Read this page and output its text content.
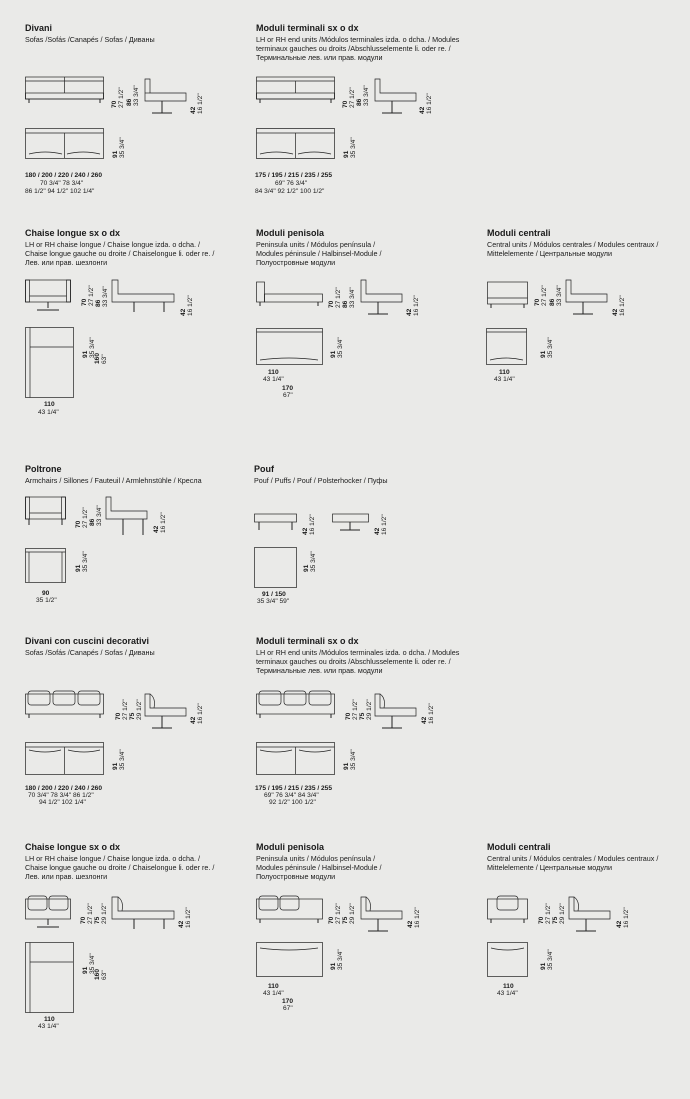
Divani
Sofas /Sofás /Canapés / Sofas / Диваны
70 27 1/2" 86 33 3/4"
42 16 1/2"
91 35 3/4"
180 / 200 / 220 / 240 / 260
70 3/4" 78 3/4"
86 1/2" 94 1/2" 102 1/4"
Moduli terminali sx o dx
LH or RH end units /Módulos terminales izda. o dcha. / Modules
terminaux gauches ou droits /Abschlusselemente li. oder re. /
Терминальные лев. или прав. модули
70 27 1/2" 86 33 3/4"
42 16 1/2"
91 35 3/4"
175 / 195 / 215 / 235 / 255
69" 76 3/4"
84 3/4" 92 1/2" 100 1/2"
Chaise longue sx o dx
LH or RH chaise longue / Chaise longue izda. o dcha. /
Chaise longue gauche ou droite / Chaiselongue li. oder re. /
Лев. или прав. шезлонги
70 27 1/2" 86 33 3/4"
42 16 1/2"
91 35 3/4"
160 63"
110
43 1/4"
Moduli penisola
Peninsula units / Módulos península /
Modules péninsule / Halbinsel-Module /
Полуостровные модули
70 27 1/2" 86 33 3/4"
42 16 1/2"
91 35 3/4"
110
43 1/4"
170
67"
Moduli centrali
Central units / Módulos centrales / Modules centraux /
Mittelelemente / Центральные модули
70 27 1/2" 86 33 3/4"
42 16 1/2"
91 35 3/4"
110
43 1/4"
Poltrone
Armchairs / Sillones / Fauteuil / Armlehnstühle / Кресла
70 27 1/2" 86 33 3/4"
42 16 1/2"
91 35 3/4"
90
35 1/2"
Pouf
Pouf / Puffs / Pouf / Polsterhocker / Пуфы
42 16 1/2"	42 16 1/2"
91 35 3/4"
91 / 150
35 3/4" 59"
Divani con cuscini decorativi
Sofas /Sofás /Canapés / Sofas / Диваны
70 27 1/2" 75 29 1/2"
42 16 1/2"
91 35 3/4"
180 / 200 / 220 / 240 / 260
70 3/4" 78 3/4" 86 1/2"
94 1/2" 102 1/4"
Moduli terminali sx o dx
LH or RH end units /Módulos terminales izda. o dcha. / Modules
terminaux gauches ou droits /Abschlusselemente li. oder re. /
Терминальные лев. или прав. модули
70 27 1/2" 75 29 1/2"
42 16 1/2"
91 35 3/4"
175 / 195 / 215 / 235 / 255
69" 76 3/4" 84 3/4"
92 1/2" 100 1/2"
Chaise longue sx o dx
LH or RH chaise longue / Chaise longue izda. o dcha. /
Chaise longue gauche ou droite / Chaiselongue li. oder re. /
Лев. или прав. шезлонги
70 27 1/2" 75 29 1/2"
42 16 1/2"
91 35 3/4"
160 63"
110
43 1/4"
Moduli penisola
Peninsula units / Módulos península /
Modules péninsule / Halbinsel-Module /
Полуостровные модули
70 27 1/2" 75 29 1/2"
42 16 1/2"
91 35 3/4"
110
43 1/4"
170
67"
Moduli centrali
Central units / Módulos centrales / Modules centraux /
Mittelelemente / Центральные модули
70 27 1/2" 75 29 1/2"
42 16 1/2"
91 35 3/4"
110
43 1/4"
